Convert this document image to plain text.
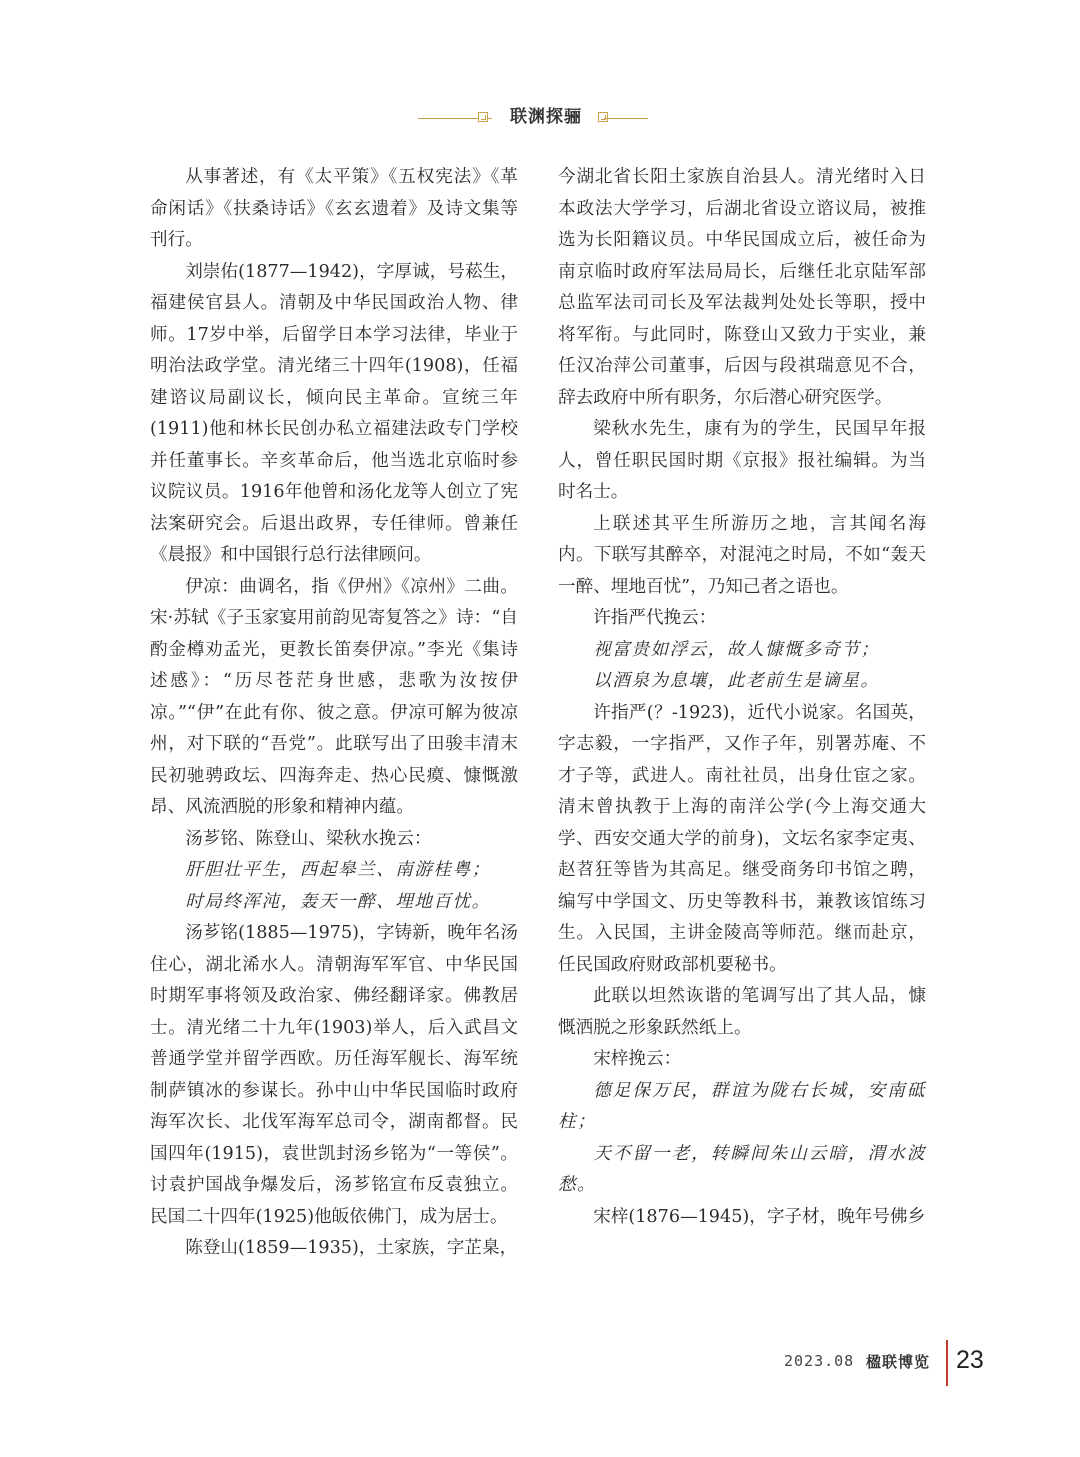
联渊探骊

从事著述，有《太平策》《五权宪法》《革命闲话》《扶桑诗话》《玄玄遗着》及诗文集等刊行。

刘崇佑(1877—1942)，字厚诚，号菘生，福建侯官县人。清朝及中华民国政治人物、律师。17岁中举，后留学日本学习法律，毕业于明治法政学堂。清光绪三十四年(1908)，任福建谘议局副议长，倾向民主革命。宣统三年(1911)他和林长民创办私立福建法政专门学校并任董事长。辛亥革命后，他当选北京临时参议院议员。1916年他曾和汤化龙等人创立了宪法案研究会。后退出政界，专任律师。曾兼任《晨报》和中国银行总行法律顾问。

伊凉：曲调名，指《伊州》《凉州》二曲。宋·苏轼《子玉家宴用前韵见寄复答之》诗：“自酌金樽劝孟光，更教长笛奏伊凉。”李光《集诗述感》：“历尽苍茫身世感，悲歌为汝按伊凉。”“伊”在此有你、彼之意。伊凉可解为彼凉州，对下联的“吾党”。此联写出了田骏丰清末民初驰骋政坛、四海奔走、热心民瘼、慷慨激昂、风流洒脱的形象和精神内蕴。

汤芗铭、陈登山、梁秋水挽云：

肝胆壮平生，西起皋兰、南游桂粤；

时局终浑沌，轰天一醉、埋地百忧。

汤芗铭(1885—1975)，字铸新，晚年名汤住心，湖北浠水人。清朝海军军官、中华民国时期军事将领及政治家、佛经翻译家。佛教居士。清光绪二十九年(1903)举人，后入武昌文普通学堂并留学西欧。历任海军舰长、海军统制萨镇冰的参谋长。孙中山中华民国临时政府海军次长、北伐军海军总司令，湖南都督。民国四年(1915)，袁世凯封汤乡铭为“一等侯”。讨袁护国战争爆发后，汤芗铭宣布反袁独立。民国二十四年(1925)他皈依佛门，成为居士。

陈登山(1859—1935)，土家族，字芷臬，

今湖北省长阳土家族自治县人。清光绪时入日本政法大学学习，后湖北省设立谘议局，被推选为长阳籍议员。中华民国成立后，被任命为南京临时政府军法局局长，后继任北京陆军部总监军法司司长及军法裁判处处长等职，授中将军衔。与此同时，陈登山又致力于实业，兼任汉冶萍公司董事，后因与段祺瑞意见不合，辞去政府中所有职务，尔后潜心研究医学。

梁秋水先生，康有为的学生，民国早年报人，曾任职民国时期《京报》报社编辑。为当时名士。

上联述其平生所游历之地，言其闻名海内。下联写其醉卒，对混沌之时局，不如“轰天一醉、埋地百忧”，乃知己者之语也。

许指严代挽云：

视富贵如浮云，故人慷慨多奇节；

以酒泉为息壤，此老前生是谪星。

许指严(？-1923)，近代小说家。名国英，字志毅，一字指严，又作子年，别署苏庵、不才子等，武进人。南社社员，出身仕宦之家。清末曾执教于上海的南洋公学(今上海交通大学、西安交通大学的前身)，文坛名家李定夷、赵苕狂等皆为其高足。继受商务印书馆之聘，编写中学国文、历史等教科书，兼教该馆练习生。入民国，主讲金陵高等师范。继而赴京，任民国政府财政部机要秘书。

此联以坦然诙谐的笔调写出了其人品，慷慨洒脱之形象跃然纸上。

宋梓挽云：

德足保万民，群谊为陇右长城，安南砥柱；

天不留一老，转瞬间朱山云暗，渭水波愁。

宋梓(1876—1945)，字子材，晚年号佛乡

2023.08 楹联博览 23
